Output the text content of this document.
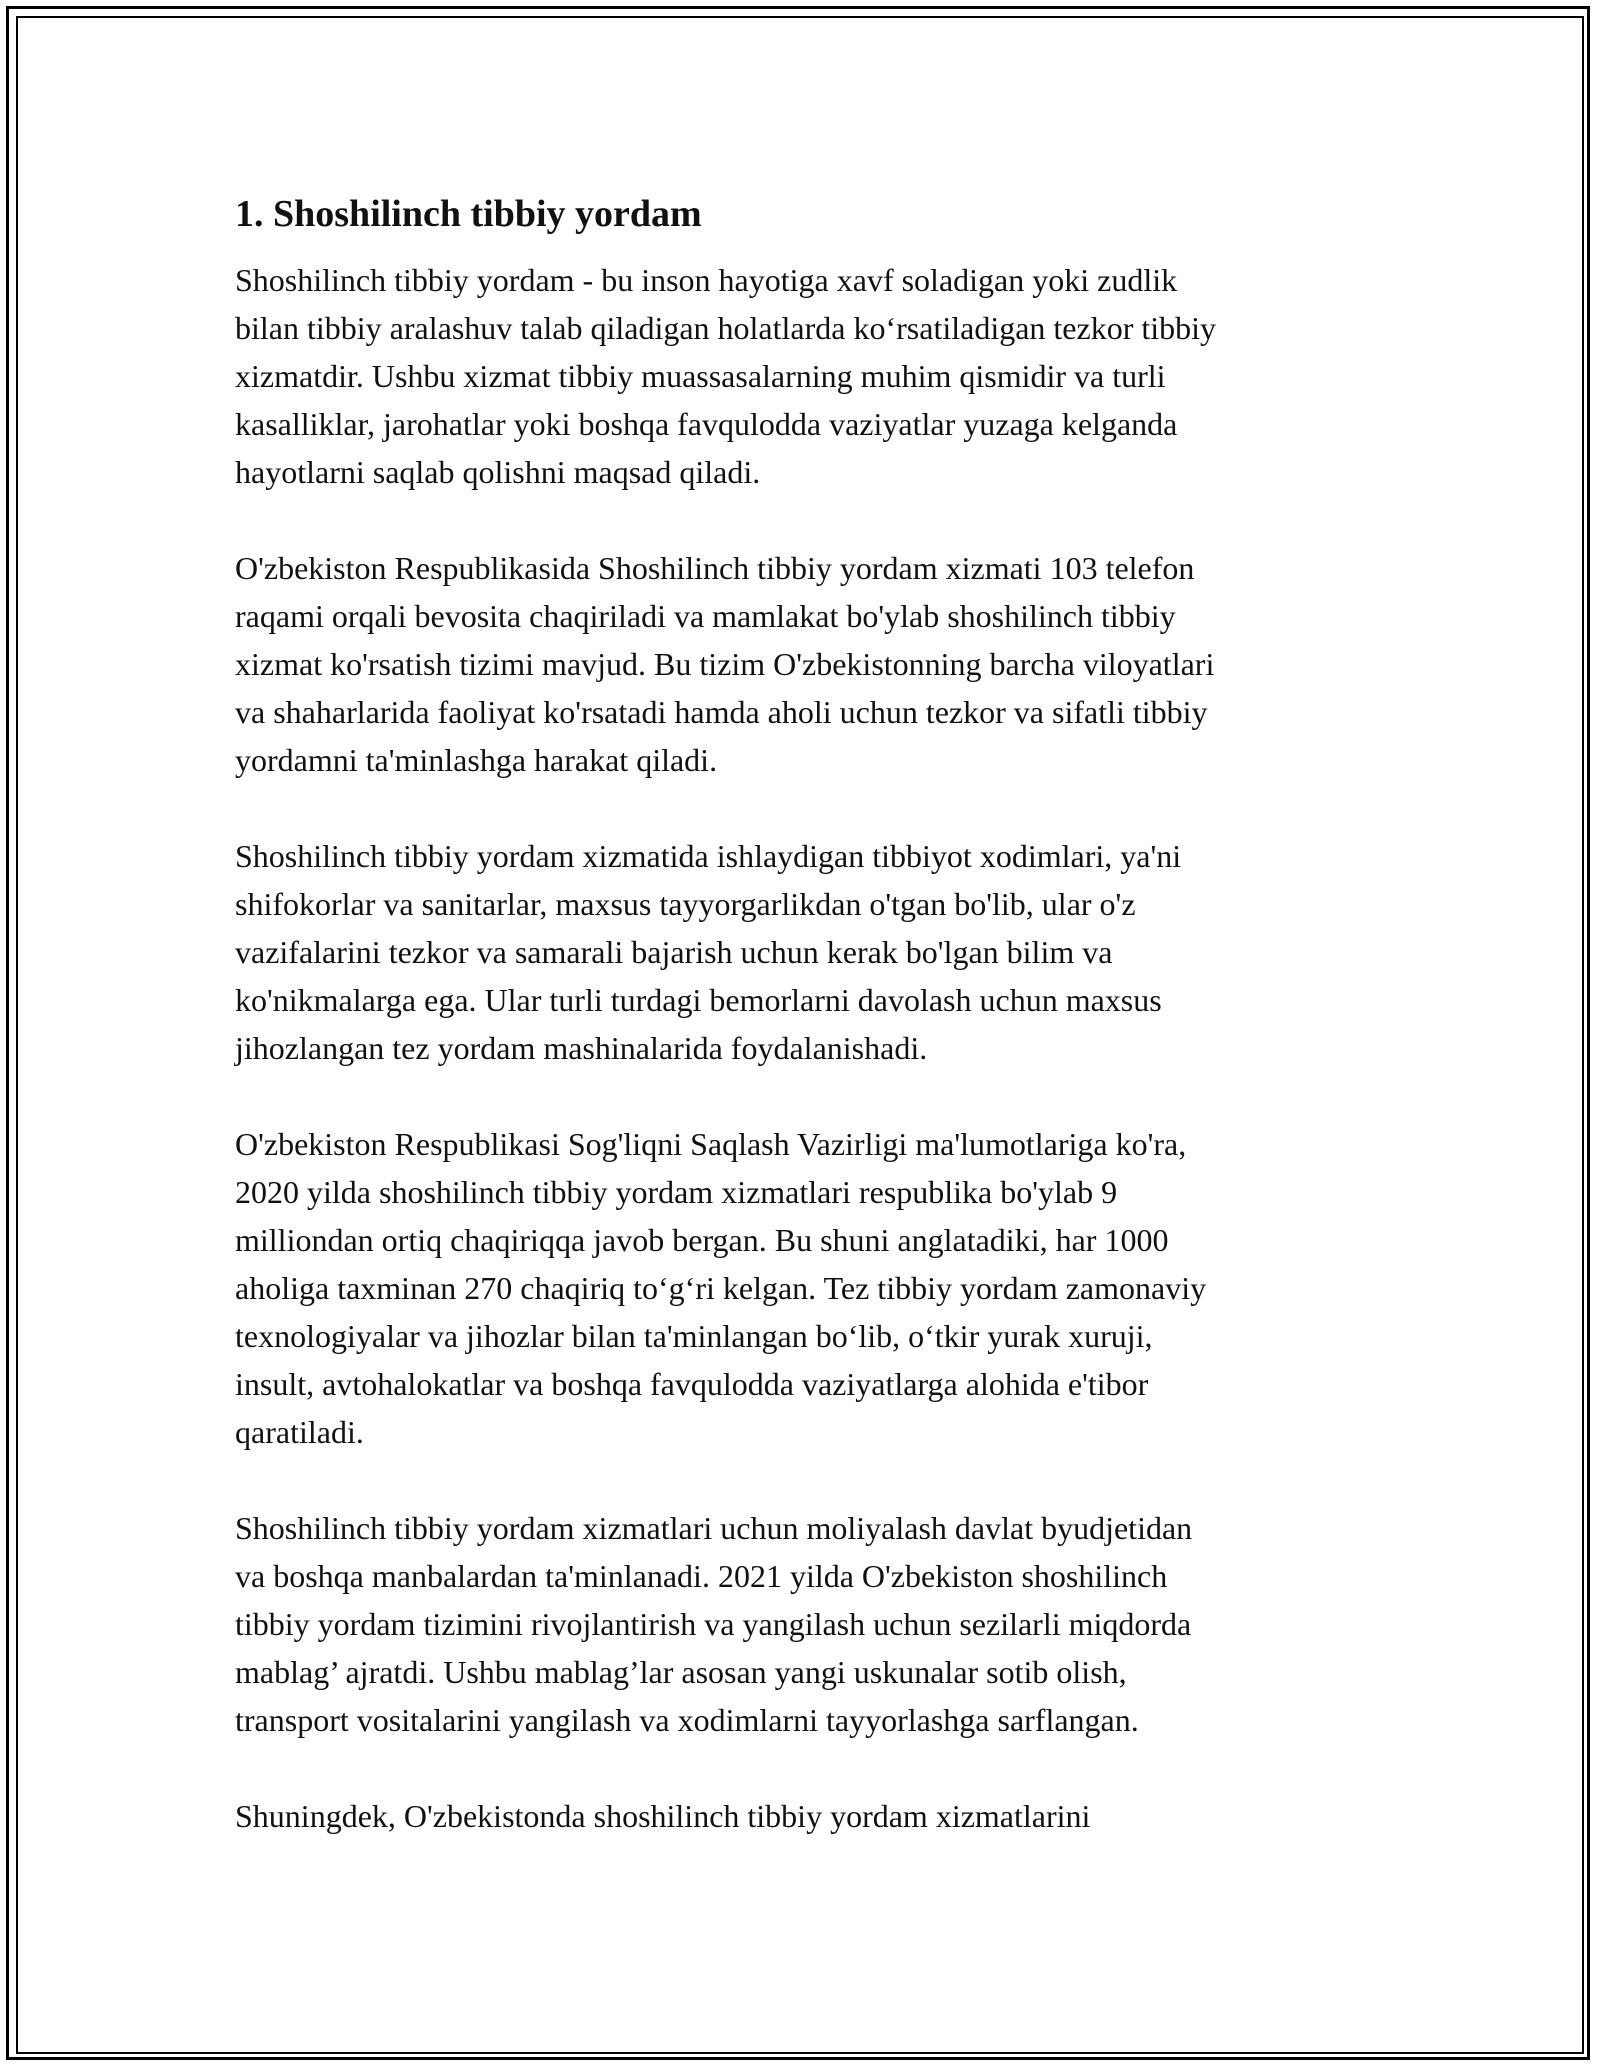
1. Shoshilinch tibbiy yordam
Shoshilinch tibbiy yordam - bu inson hayotiga xavf soladigan yoki zudlik
bilan tibbiy aralashuv talab qiladigan holatlarda koʻrsatiladigan tezkor tibbiy
xizmatdir. Ushbu xizmat tibbiy muassasalarning muhim qismidir va turli
kasalliklar, jarohatlar yoki boshqa favqulodda vaziyatlar yuzaga kelganda
hayotlarni saqlab qolishni maqsad qiladi.
O'zbekiston Respublikasida Shoshilinch tibbiy yordam xizmati 103 telefon
raqami orqali bevosita chaqiriladi va mamlakat bo'ylab shoshilinch tibbiy
xizmat ko'rsatish tizimi mavjud. Bu tizim O'zbekistonning barcha viloyatlari
va shaharlarida faoliyat ko'rsatadi hamda aholi uchun tezkor va sifatli tibbiy
yordamni ta'minlashga harakat qiladi.
Shoshilinch tibbiy yordam xizmatida ishlaydigan tibbiyot xodimlari, ya'ni
shifokorlar va sanitarlar, maxsus tayyorgarlikdan o'tgan bo'lib, ular o'z
vazifalarini tezkor va samarali bajarish uchun kerak bo'lgan bilim va
ko'nikmalarga ega. Ular turli turdagi bemorlarni davolash uchun maxsus
jihozlangan tez yordam mashinalarida foydalanishadi.
O'zbekiston Respublikasi Sog'liqni Saqlash Vazirligi ma'lumotlariga ko'ra,
2020 yilda shoshilinch tibbiy yordam xizmatlari respublika bo'ylab 9
milliondan ortiq chaqiriqqa javob bergan. Bu shuni anglatadiki, har 1000
aholiga taxminan 270 chaqiriq toʻgʻri kelgan. Tez tibbiy yordam zamonaviy
texnologiyalar va jihozlar bilan ta'minlangan boʻlib, oʻtkir yurak xuruji,
insult, avtohalokatlar va boshqa favqulodda vaziyatlarga alohida e'tibor
qaratiladi.
Shoshilinch tibbiy yordam xizmatlari uchun moliyalash davlat byudjetidan
va boshqa manbalardan ta'minlanadi. 2021 yilda O'zbekiston shoshilinch
tibbiy yordam tizimini rivojlantirish va yangilash uchun sezilarli miqdorda
mablag’ ajratdi. Ushbu mablag’lar asosan yangi uskunalar sotib olish,
transport vositalarini yangilash va xodimlarni tayyorlashga sarflangan.
Shuningdek, O'zbekistonda shoshilinch tibbiy yordam xizmatlarini
